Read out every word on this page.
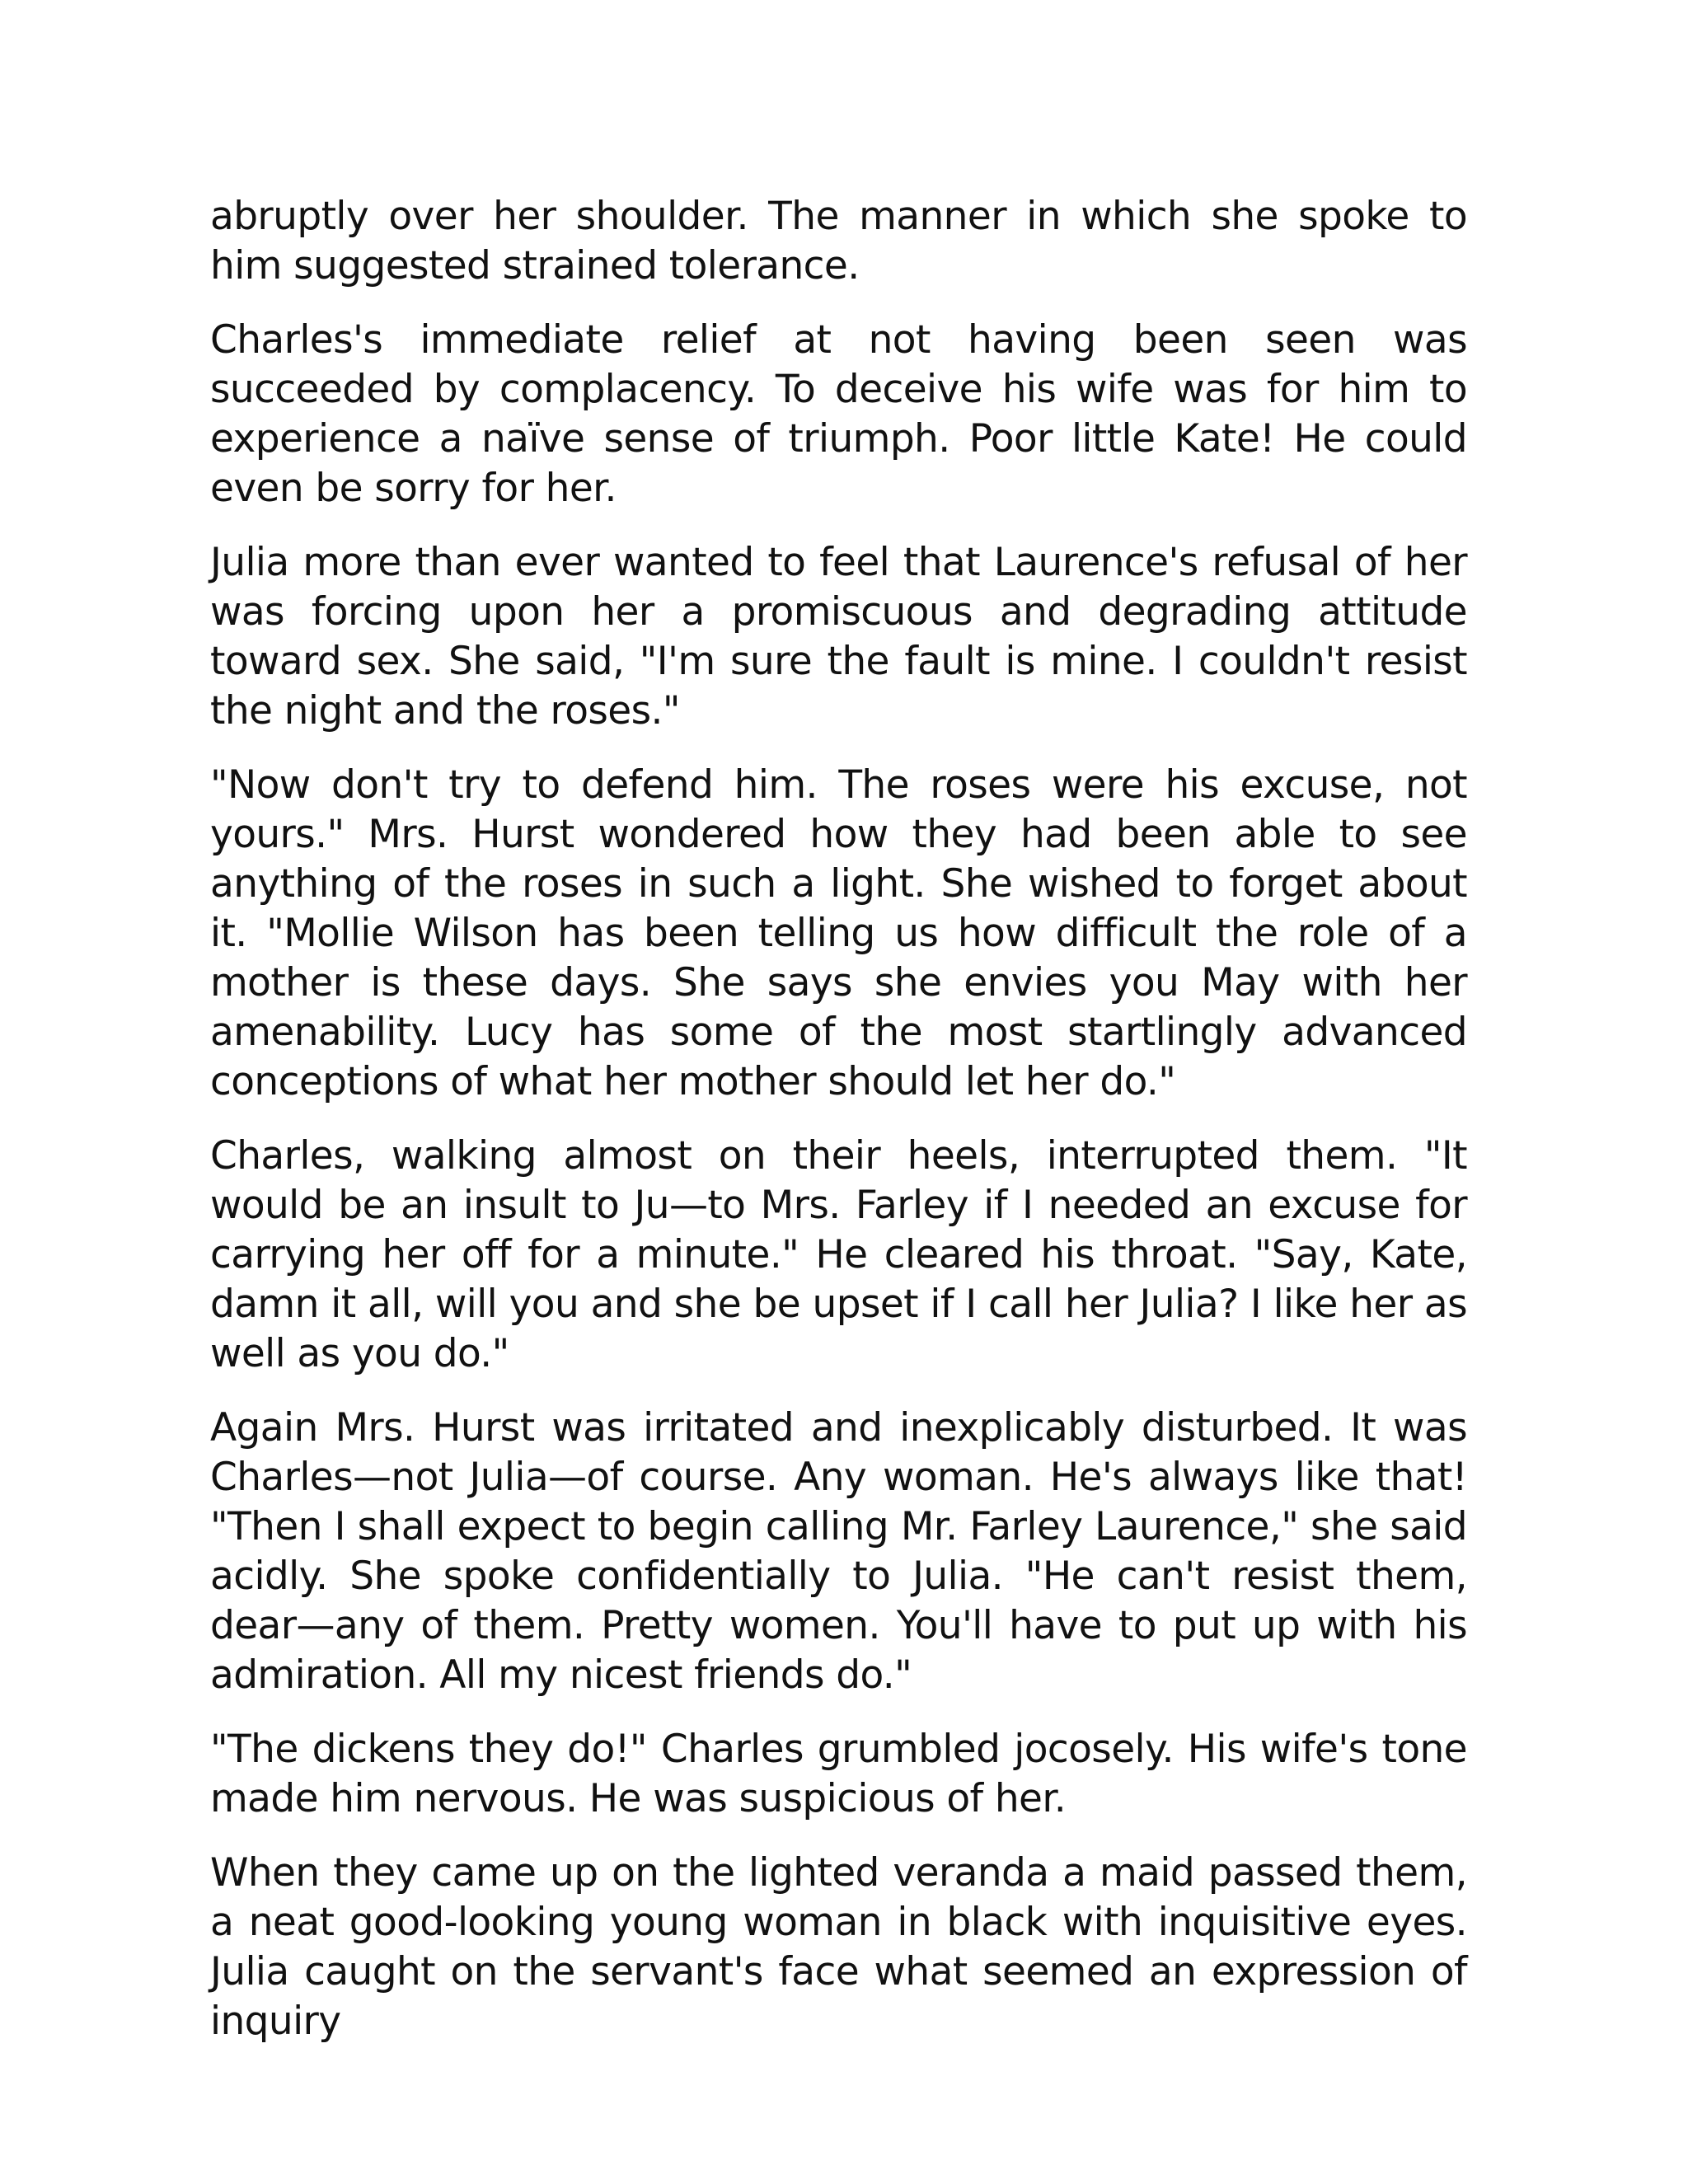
abruptly over her shoulder. The manner in which she spoke to him suggested strained tolerance.

Charles's immediate relief at not having been seen was succeeded by complacency. To deceive his wife was for him to experience a naïve sense of triumph. Poor little Kate! He could even be sorry for her.

Julia more than ever wanted to feel that Laurence's refusal of her was forcing upon her a promiscuous and degrading attitude toward sex. She said, "I'm sure the fault is mine. I couldn't resist the night and the roses."

"Now don't try to defend him. The roses were his excuse, not yours." Mrs. Hurst wondered how they had been able to see anything of the roses in such a light. She wished to forget about it. "Mollie Wilson has been telling us how difficult the role of a mother is these days. She says she envies you May with her amenability. Lucy has some of the most startlingly advanced conceptions of what her mother should let her do."

Charles, walking almost on their heels, interrupted them. "It would be an insult to Ju—to Mrs. Farley if I needed an excuse for carrying her off for a minute." He cleared his throat. "Say, Kate, damn it all, will you and she be upset if I call her Julia? I like her as well as you do."

Again Mrs. Hurst was irritated and inexplicably disturbed. It was Charles—not Julia—of course. Any woman. He's always like that! "Then I shall expect to begin calling Mr. Farley Laurence," she said acidly. She spoke confidentially to Julia. "He can't resist them, dear—any of them. Pretty women. You'll have to put up with his admiration. All my nicest friends do."

"The dickens they do!" Charles grumbled jocosely. His wife's tone made him nervous. He was suspicious of her.

When they came up on the lighted veranda a maid passed them, a neat good-looking young woman in black with inquisitive eyes. Julia caught on the servant's face what seemed an expression of inquiry
